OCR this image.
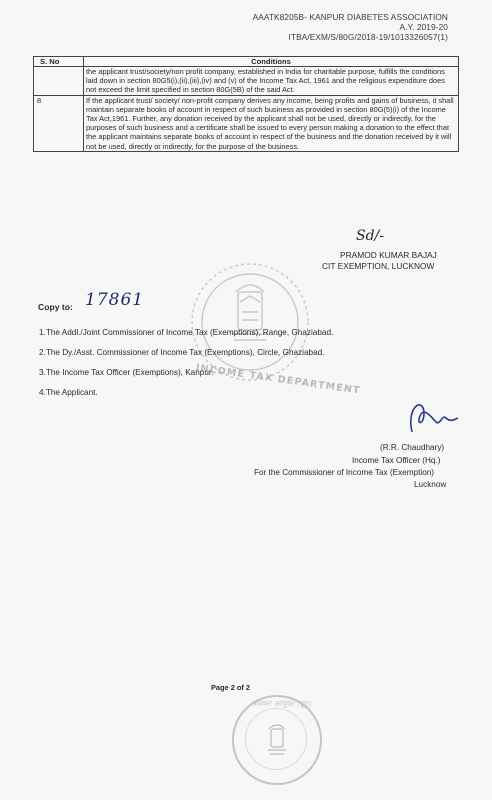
AAATK8205B- KANPUR DIABETES ASSOCIATION
A.Y. 2019-20
ITBA/EXM/S/80G/2018-19/1013326057(1)
S. No	Conditions
	the applicant trust/society/non profit company, established in India for charitable purpose, fulfills the conditions laid down in section 80G5(i),(ii),(iii),(iv) and (v) of the Income Tax Act, 1961 and the religious expenditure does not exceed the limit specified in section 80G(5B) of the said Act.
8	If the applicant trust/ society/ non-profit company derives any income, being profits and gains of business, it shall maintain separate books of account in respect of such business as provided in section 80G(5)(i) of the Income Tax Act,1961. Further, any donation received by the applicant shall not be used, directly or indirectly, for the purposes of such business and a certificate shall be issued to every person making a donation to the effect that the applicant maintains separate books of account in respect of the business and the donation received by it will not be used, directly or indirectly, for the purpose of the business.
Sd/-
PRAMOD KUMAR BAJAJ
CIT EXEMPTION, LUCKNOW
INCOME TAX DEPARTMENT
Copy to: 17861
1.The Addl./Joint Commissioner of Income Tax (Exemptions), Range, Ghaziabad.
2.The Dy./Asst. Commissioner of Income Tax (Exemptions), Circle, Ghaziabad.
3.The Income Tax Officer (Exemptions), Kanpur.
4.The Applicant.
(R.R. Chaudhary)
Income Tax Officer (Hq.)
For the Commissioner of Income Tax (Exemption)
Lucknow
Page 2 of 2
आयकर आयुक्त (छूट)
